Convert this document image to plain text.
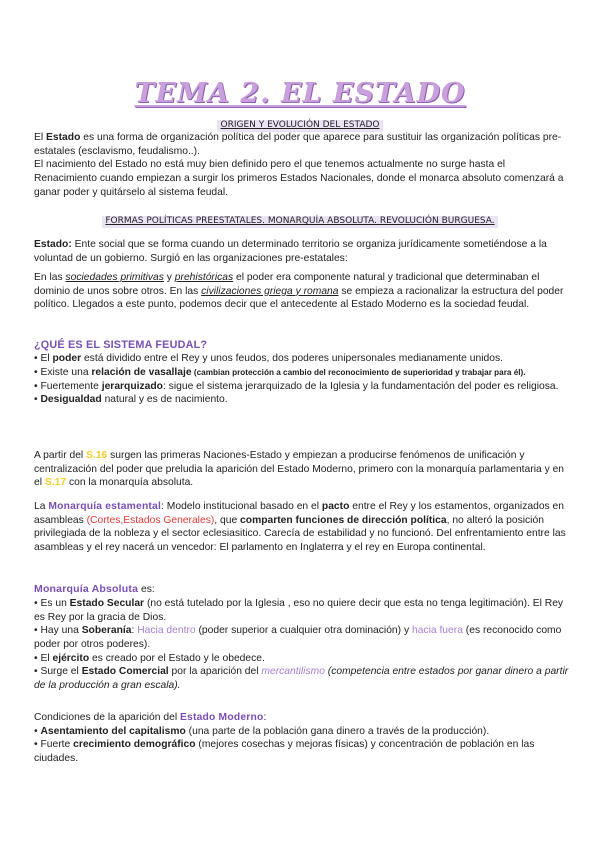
TEMA 2. EL ESTADO
ORIGEN Y EVOLUCIÓN DEL ESTADO

El Estado es una forma de organización política del poder que aparece para sustituir las organización políticas pre-estatales (esclavismo, feudalismo..).

El nacimiento del Estado no está muy bien definido pero el que tenemos actualmente no surge hasta el Renacimiento cuando empiezan a surgir los primeros Estados Nacionales, donde el monarca absoluto comenzará a ganar poder y quitárselo al sistema feudal.

FORMAS POLÍTICAS PREESTATALES. MONARQUÍA ABSOLUTA. REVOLUCIÓN BURGUESA.

Estado: Ente social que se forma cuando un determinado territorio se organiza jurídicamente sometiéndose a la voluntad de un gobierno. Surgió en las organizaciones pre-estatales:

En las sociedades primitivas y prehistóricas el poder era componente natural y tradicional que determinaban el dominio de unos sobre otros. En las civilizaciones griega y romana se empieza a racionalizar la estructura del poder político. Llegados a este punto, podemos decir que el antecedente al Estado Moderno es la sociedad feudal.

¿QUÉ ES EL SISTEMA FEUDAL?

• El poder está dividido entre el Rey y unos feudos, dos poderes unipersonales medianamente unidos.
• Existe una relación de vasallaje (cambian protección a cambio del reconocimiento de superioridad y trabajar para él).
• Fuertemente jerarquizado: sigue el sistema jerarquizado de la Iglesia y la fundamentación del poder es religiosa.
• Desigualdad natural y es de nacimiento.

A partir del S.16 surgen las primeras Naciones-Estado y empiezan a producirse fenómenos de unificación y centralización del poder que preludia la aparición del Estado Moderno, primero con la monarquía parlamentaria y en el S.17 con la monarquía absoluta.

La Monarquía estamental: Modelo institucional basado en el pacto entre el Rey y los estamentos, organizados en asambleas (Cortes,Estados Generales), que comparten funciones de dirección política, no alteró la posición privilegiada de la nobleza y el sector eclesiasitico. Carecía de estabilidad y no funcionó. Del enfrentamiento entre las asambleas y el rey nacerá un vencedor: El parlamento en Inglaterra y el rey en Europa continental.

Monarquía Absoluta es:

• Es un Estado Secular (no está tutelado por la Iglesia , eso no quiere decir que esta no tenga legitimación). El Rey es Rey por la gracia de Dios.
• Hay una Soberanía: Hacia dentro (poder superior a cualquier otra dominación) y hacia fuera (es reconocido como poder por otros poderes).
• El ejército es creado por el Estado y le obedece.
• Surge el Estado Comercial por la aparición del mercantilismo (competencia entre estados por ganar dinero a partir de la producción a gran escala).

Condiciones de la aparición del Estado Moderno:

• Asentamiento del capitalismo (una parte de la población gana dinero a través de la producción).
• Fuerte crecimiento demográfico (mejores cosechas y mejoras físicas) y concentración de población en las ciudades.
